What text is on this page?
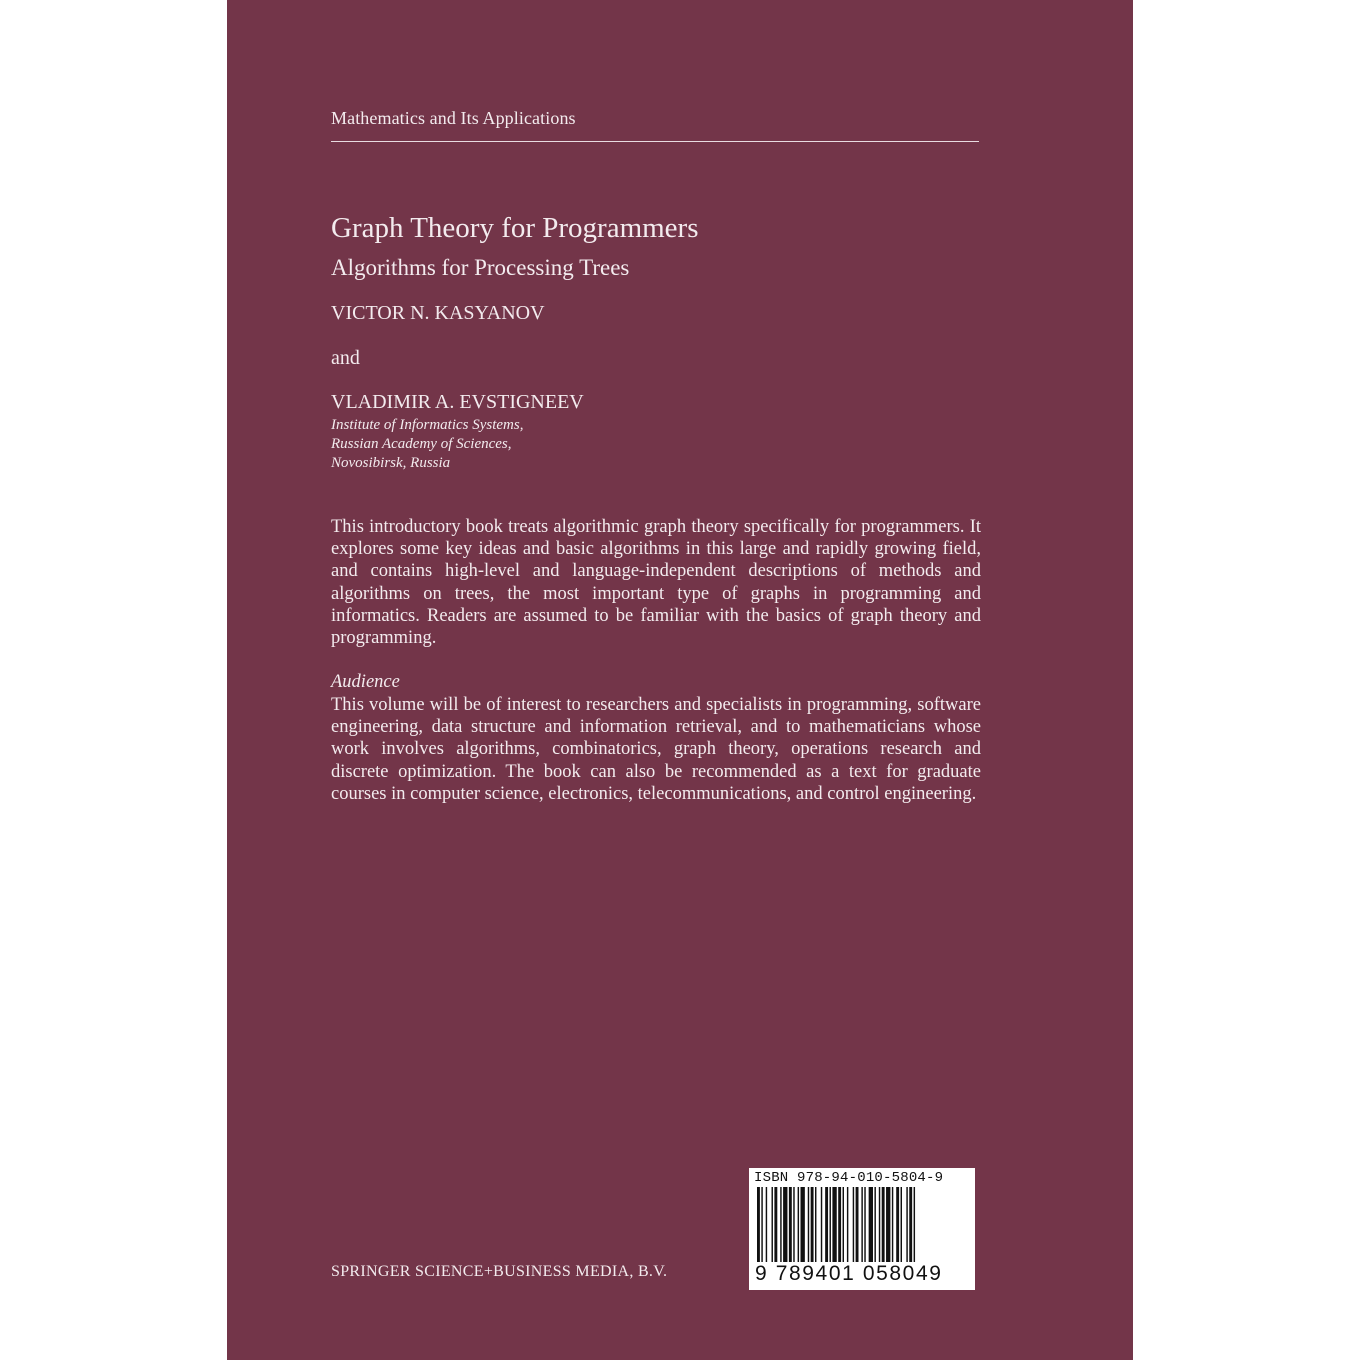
Mathematics and Its Applications
Graph Theory for Programmers
Algorithms for Processing Trees
VICTOR N. KASYANOV
and
VLADIMIR A. EVSTIGNEEV
Institute of Informatics Systems,
Russian Academy of Sciences,
Novosibirsk, Russia

This introductory book treats algorithmic graph theory specifically for programmers. It explores some key ideas and basic algorithms in this large and rapidly growing field, and contains high-level and language-independent descriptions of methods and algorithms on trees, the most important type of graphs in programming and informatics. Readers are assumed to be familiar with the basics of graph theory and programming.

Audience

This volume will be of interest to researchers and specialists in programming, software engineering, data structure and information retrieval, and to mathematicians whose work involves algorithms, combinatorics, graph theory, operations research and discrete optimization. The book can also be recommended as a text for graduate courses in computer science, electronics, telecommunications, and control engineering.

SPRINGER SCIENCE+BUSINESS MEDIA, B.V.
ISBN 978-94-010-5804-9
9 789401 058049
